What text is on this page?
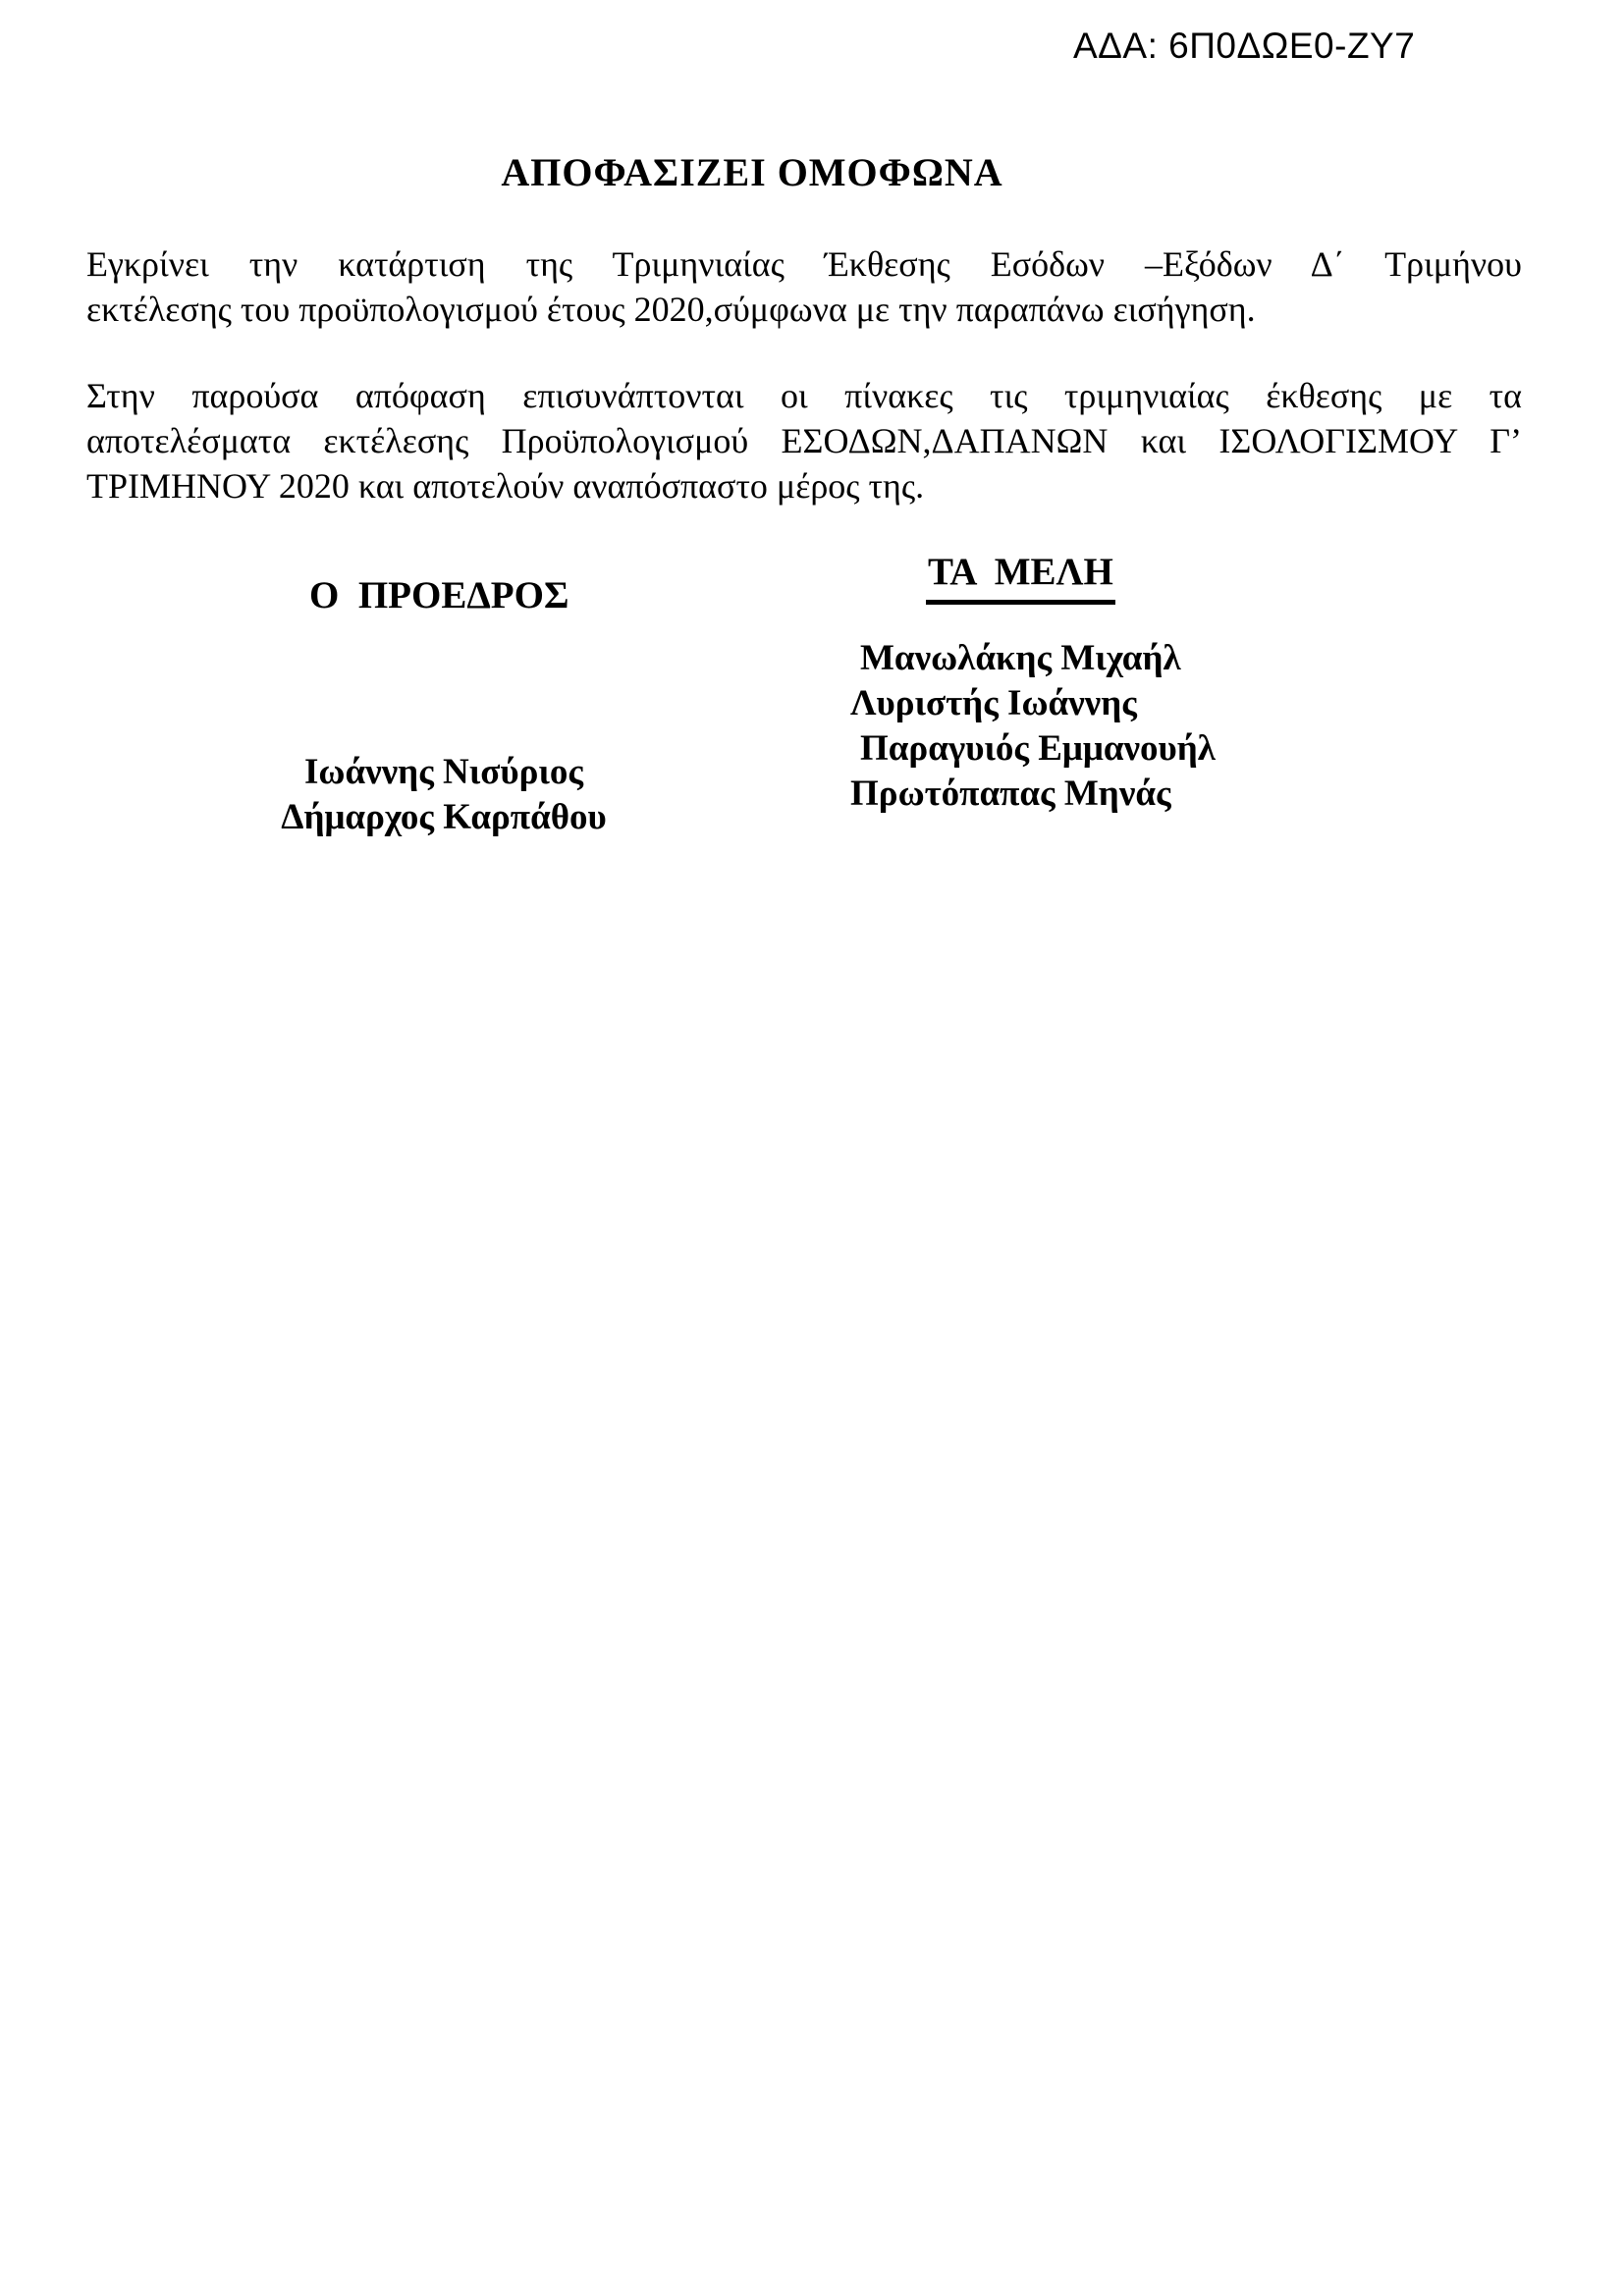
ΑΔΑ: 6Π0ΔΩΕ0-ΖΥ7
ΑΠΟΦΑΣΙΖΕΙ ΟΜΟΦΩΝΑ
Εγκρίνει την κατάρτιση της Τριμηνιαίας Έκθεσης Εσόδων –Εξόδων Δ΄ Τριμήνου
εκτέλεσης του προϋπολογισμού έτους 2020,σύμφωνα με την παραπάνω εισήγηση.
Στην παρούσα απόφαση επισυνάπτονται οι πίνακες τις τριμηνιαίας έκθεσης με τα
αποτελέσματα εκτέλεσης Προϋπολογισμού ΕΣΟΔΩΝ,ΔΑΠΑΝΩΝ και ΙΣΟΛΟΓΙΣΜΟΥ Γ’
ΤΡΙΜΗΝΟΥ 2020 και αποτελούν αναπόσπαστο μέρος της.
Ο  ΠΡΟΕΔΡΟΣ
ΤΑ  ΜΕΛΗ
Μανωλάκης Μιχαήλ
Λυριστής Ιωάννης
Παραγυιός Εμμανουήλ
Πρωτόπαπας Μηνάς
Ιωάννης Νισύριος
Δήμαρχος Καρπάθου
